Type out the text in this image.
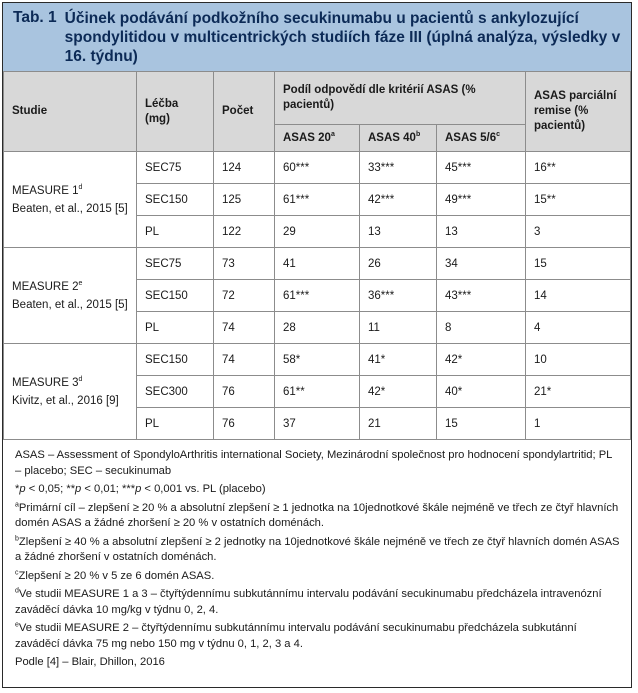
Tab. 1 Účinek podávání podkožního secukinumabu u pacientů s ankylozující spondylitidou v multicentrických studiích fáze III (úplná analýza, výsledky v 16. týdnu)
Studie	Léčba (mg)	Počet	Podíl odpovědí dle kritérií ASAS (% pacientů)			ASAS parciální remise (% pacientů)
			ASAS 20$^a$	ASAS 40$^b$	ASAS 5/6$^c$
MEASURE 1$^d$
Beaten, et al., 2015 [5]	SEC75	124	60***	33***	45***	16**
	SEC150	125	61***	42***	49***	15**
	PL	122	29	13	13	3
MEASURE 2e
Beaten, et al., 2015 [5]	SEC75	73	41	26	34	15
	SEC150	72	61***	36***	43***	14
	PL	74	28	11	8	4
MEASURE 3$^d$
Kivitz, et al., 2016 [9]	SEC150	74	58*	41*	42*	10
	SEC300	76	61**	42*	40*	21*
	PL	76	37	21	15	1

ASAS – Assessment of SpondyloArthritis international Society, Mezinárodní společnost pro hodnocení spondylartritid; PL – placebo; SEC – secukinumab

*p < 0,05; **p < 0,01; ***p < 0,001 vs. PL (placebo)

$^a$Primární cíl – zlepšení ≥ 20 % a absolutní zlepšení ≥ 1 jednotka na 10jednotkové škále nejméně ve třech ze čtyř hlavních domén ASAS a žádné zhoršení ≥ 20 % v ostatních doménách.

$^b$Zlepšení ≥ 40 % a absolutní zlepšení ≥ 2 jednotky na 10jednotkové škále nejméně ve třech ze čtyř hlavních domén ASAS a žádné zhoršení v ostatních doménách.

$^c$Zlepšení ≥ 20 % v 5 ze 6 domén ASAS.

$^d$Ve studii MEASURE 1 a 3 – čtyřtýdennímu subkutánnímu intervalu podávání secukinumabu předcházela intravenózní zaváděcí dávka 10 mg/kg v týdnu 0, 2, 4.

$^e$Ve studii MEASURE 2 – čtyřtýdennímu subkutánnímu intervalu podávání secukinumabu předcházela subkutánní zaváděcí dávka 75 mg nebo 150 mg v týdnu 0, 1, 2, 3 a 4.

Podle [4] – Blair, Dhillon, 2016
